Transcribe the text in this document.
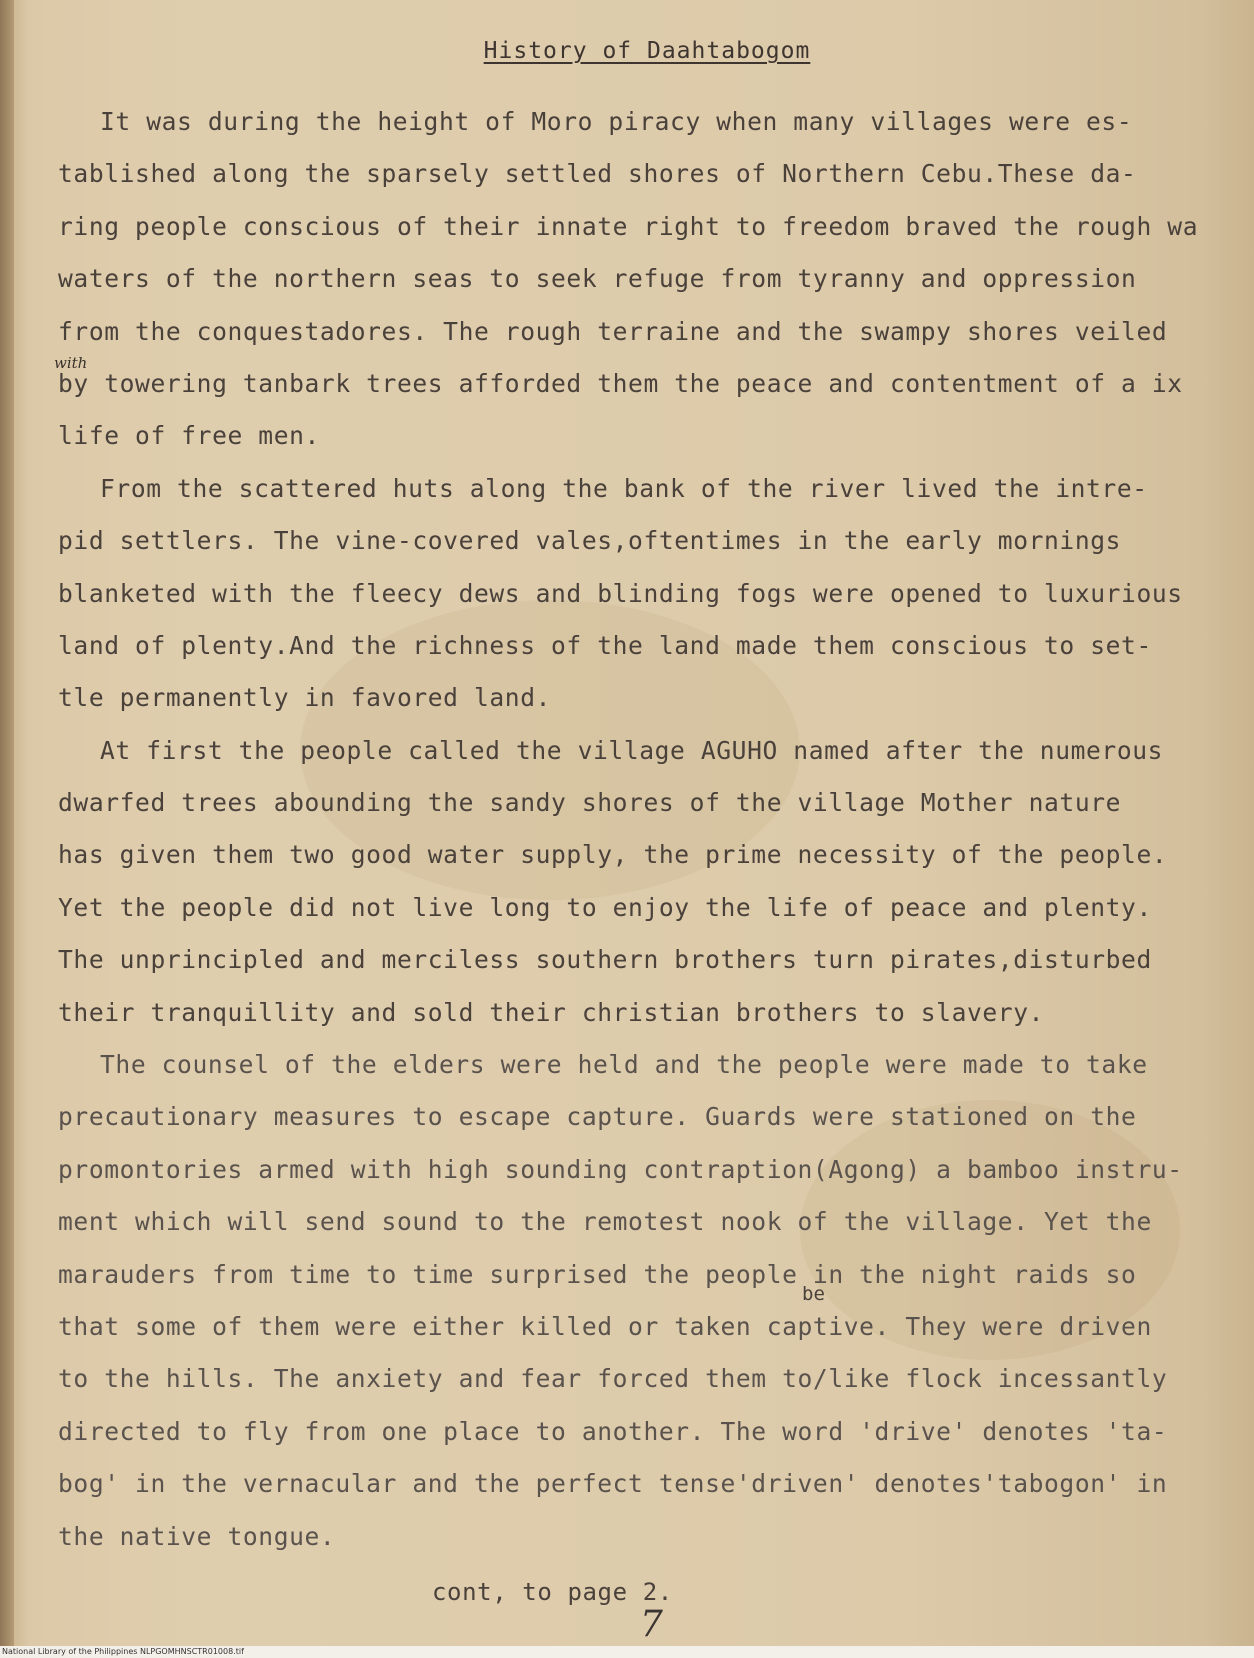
History of Daahtabogom
with
be
It was during the height of Moro piracy when many villages were es-
tablished along the sparsely settled shores of Northern Cebu.These da-
ring people conscious of their innate right to freedom braved the rough wa
waters of the northern seas to seek refuge from tyranny and oppression
from the conquestadores. The rough terraine and the swampy shores veiled
by towering tanbark trees afforded them the peace and contentment of a ix
life of free men.
From the scattered huts along the bank of the river lived the intre-
pid settlers. The vine-covered vales,oftentimes in the early mornings
blanketed with the fleecy dews and blinding fogs were opened to luxurious
land of plenty.And the richness of the land made them conscious to set-
tle permanently in favored land.
At first the people called the village AGUHO named after the numerous
dwarfed trees abounding the sandy shores of the village Mother nature
has given them two good water supply, the prime necessity of the people.
Yet the people did not live long to enjoy the life of peace and plenty.
The unprincipled and merciless southern brothers turn pirates,disturbed
their tranquillity and sold their christian brothers to slavery.
The counsel of the elders were held and the people were made to take
precautionary measures to escape capture. Guards were stationed on the
promontories armed with high sounding contraption(Agong) a bamboo instru-
ment which will send sound to the remotest nook of the village. Yet the
marauders from time to time surprised the people in the night raids so
that some of them were either killed or taken captive. They were driven
to the hills. The anxiety and fear forced them to/like flock incessantly
directed to fly from one place to another. The word 'drive' denotes 'ta-
bog' in the vernacular and the perfect tense'driven' denotes'tabogon' in
the native tongue.
cont, to page 2.
7
National Library of the Philippines NLPGOMHNSCTR01008.tif
